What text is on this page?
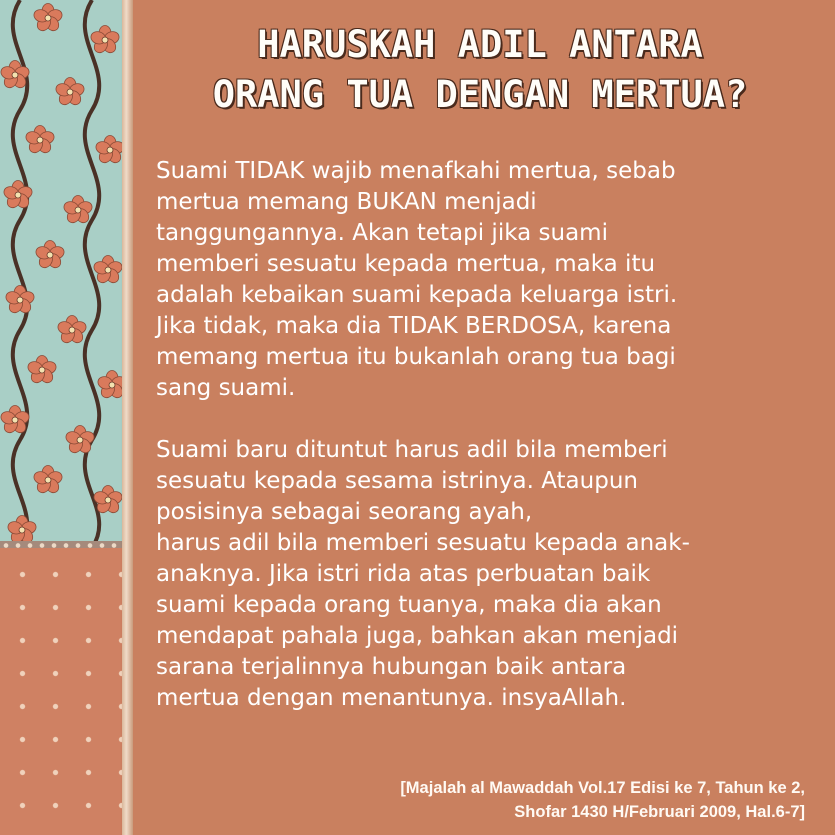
HARUSKAH ADIL ANTARA
ORANG TUA DENGAN MERTUA?

Suami TIDAK wajib menafkahi mertua, sebab
mertua memang BUKAN menjadi
tanggungannya. Akan tetapi jika suami
memberi sesuatu kepada mertua, maka itu
adalah kebaikan suami kepada keluarga istri.
Jika tidak, maka dia TIDAK BERDOSA, karena
memang mertua itu bukanlah orang tua bagi
sang suami.

Suami baru dituntut harus adil bila memberi
sesuatu kepada sesama istrinya. Ataupun
posisinya sebagai seorang ayah,
harus adil bila memberi sesuatu kepada anak-
anaknya. Jika istri rida atas perbuatan baik
suami kepada orang tuanya, maka dia akan
mendapat pahala juga, bahkan akan menjadi
sarana terjalinnya hubungan baik antara
mertua dengan menantunya. insyaAllah.

[Majalah al Mawaddah Vol.17 Edisi ke 7, Tahun ke 2,
Shofar 1430 H/Februari 2009, Hal.6-7]
